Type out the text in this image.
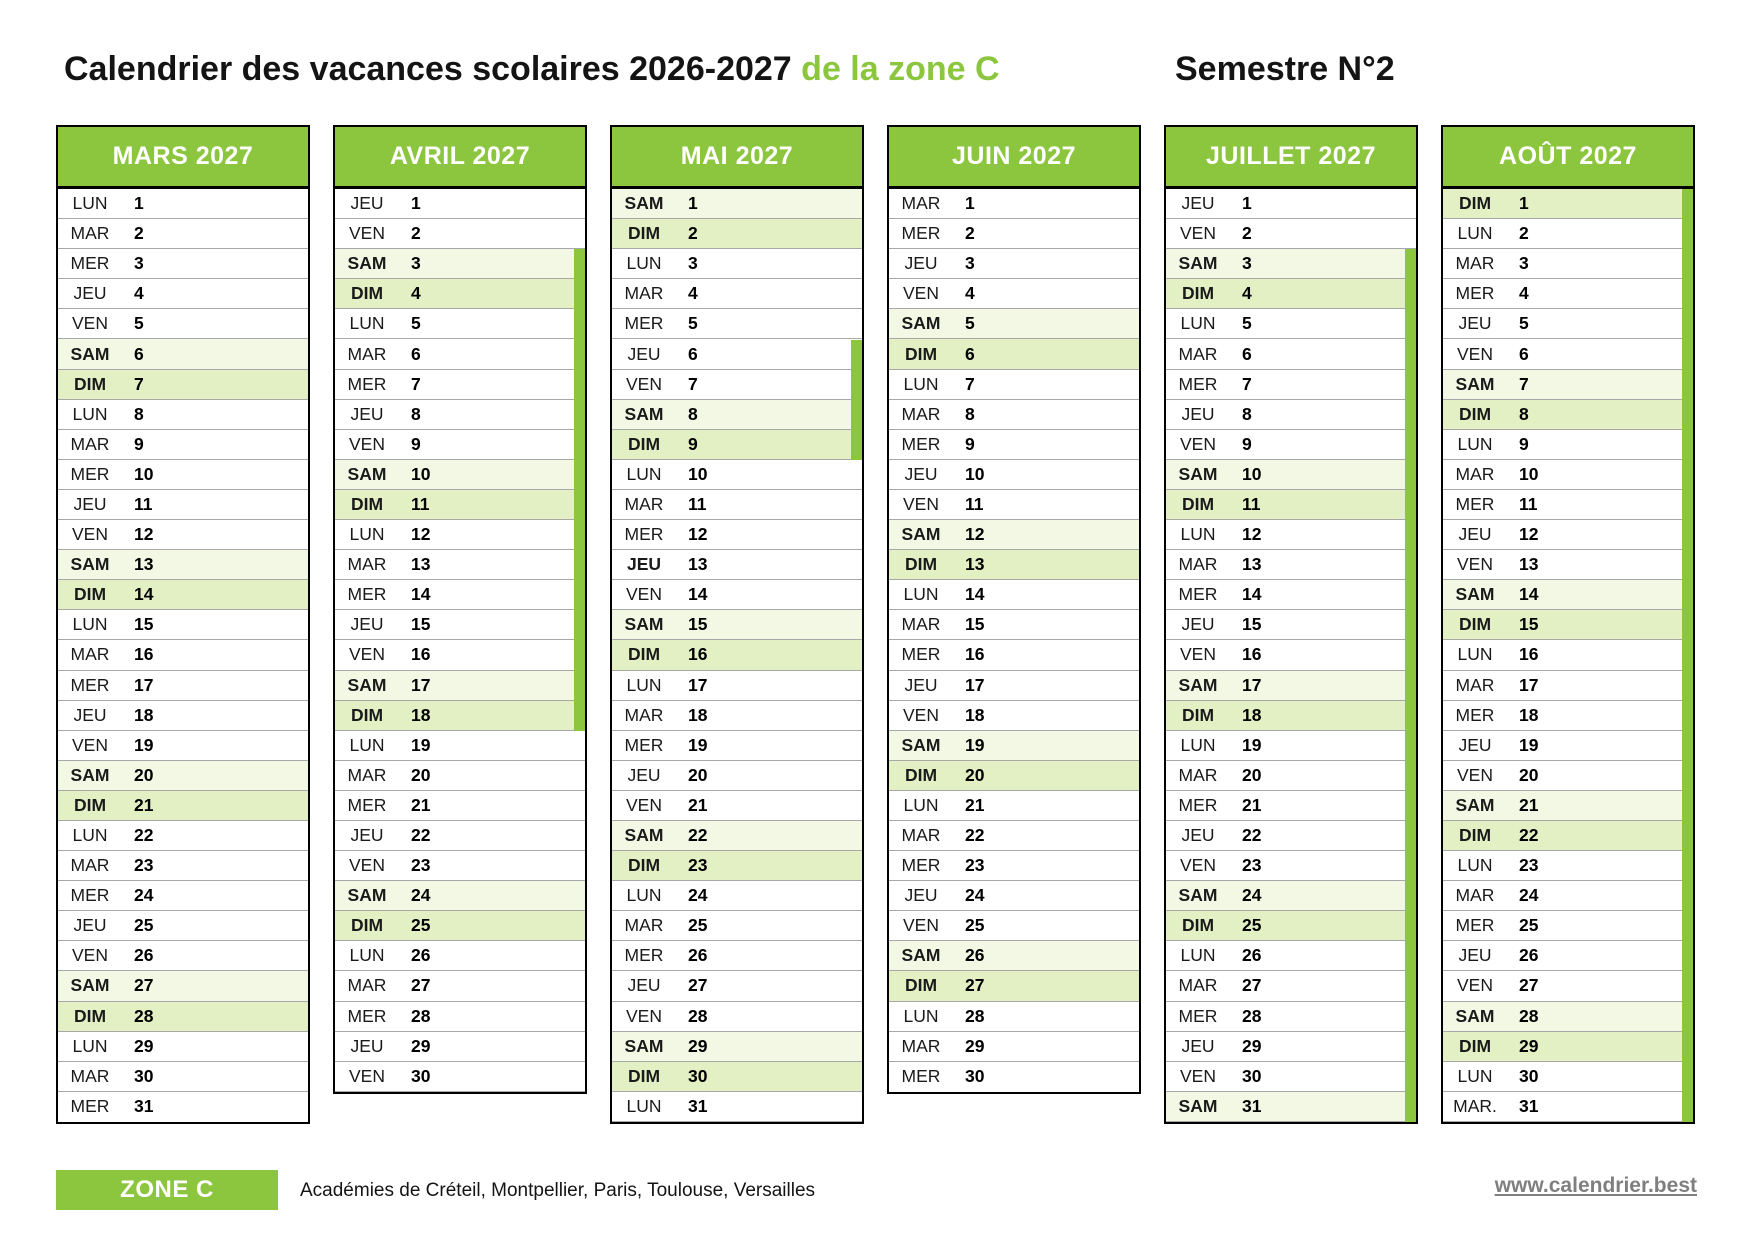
Calendrier des vacances scolaires 2026-2027 de la zone C	Semestre N°2
MARS 2027
LUN	1
MAR	2
MER	3
JEU	4
VEN	5
SAM	6
DIM	7
LUN	8
MAR	9
MER	10
JEU	11
VEN	12
SAM	13
DIM	14
LUN	15
MAR	16
MER	17
JEU	18
VEN	19
SAM	20
DIM	21
LUN	22
MAR	23
MER	24
JEU	25
VEN	26
SAM	27
DIM	28
LUN	29
MAR	30
MER	31
AVRIL 2027
JEU	1
VEN	2
SAM	3
DIM	4
LUN	5
MAR	6
MER	7
JEU	8
VEN	9
SAM	10
DIM	11
LUN	12
MAR	13
MER	14
JEU	15
VEN	16
SAM	17
DIM	18
LUN	19
MAR	20
MER	21
JEU	22
VEN	23
SAM	24
DIM	25
LUN	26
MAR	27
MER	28
JEU	29
VEN	30
MAI 2027
SAM	1
DIM	2
LUN	3
MAR	4
MER	5
JEU	6
VEN	7
SAM	8
DIM	9
LUN	10
MAR	11
MER	12
JEU	13
VEN	14
SAM	15
DIM	16
LUN	17
MAR	18
MER	19
JEU	20
VEN	21
SAM	22
DIM	23
LUN	24
MAR	25
MER	26
JEU	27
VEN	28
SAM	29
DIM	30
LUN	31
JUIN 2027
MAR	1
MER	2
JEU	3
VEN	4
SAM	5
DIM	6
LUN	7
MAR	8
MER	9
JEU	10
VEN	11
SAM	12
DIM	13
LUN	14
MAR	15
MER	16
JEU	17
VEN	18
SAM	19
DIM	20
LUN	21
MAR	22
MER	23
JEU	24
VEN	25
SAM	26
DIM	27
LUN	28
MAR	29
MER	30
JUILLET 2027
JEU	1
VEN	2
SAM	3
DIM	4
LUN	5
MAR	6
MER	7
JEU	8
VEN	9
SAM	10
DIM	11
LUN	12
MAR	13
MER	14
JEU	15
VEN	16
SAM	17
DIM	18
LUN	19
MAR	20
MER	21
JEU	22
VEN	23
SAM	24
DIM	25
LUN	26
MAR	27
MER	28
JEU	29
VEN	30
SAM	31
AOÛT 2027
DIM	1
LUN	2
MAR	3
MER	4
JEU	5
VEN	6
SAM	7
DIM	8
LUN	9
MAR	10
MER	11
JEU	12
VEN	13
SAM	14
DIM	15
LUN	16
MAR	17
MER	18
JEU	19
VEN	20
SAM	21
DIM	22
LUN	23
MAR	24
MER	25
JEU	26
VEN	27
SAM	28
DIM	29
LUN	30
MAR.	31
ZONE C	Académies de Créteil, Montpellier, Paris, Toulouse, Versailles	www.calendrier.best
